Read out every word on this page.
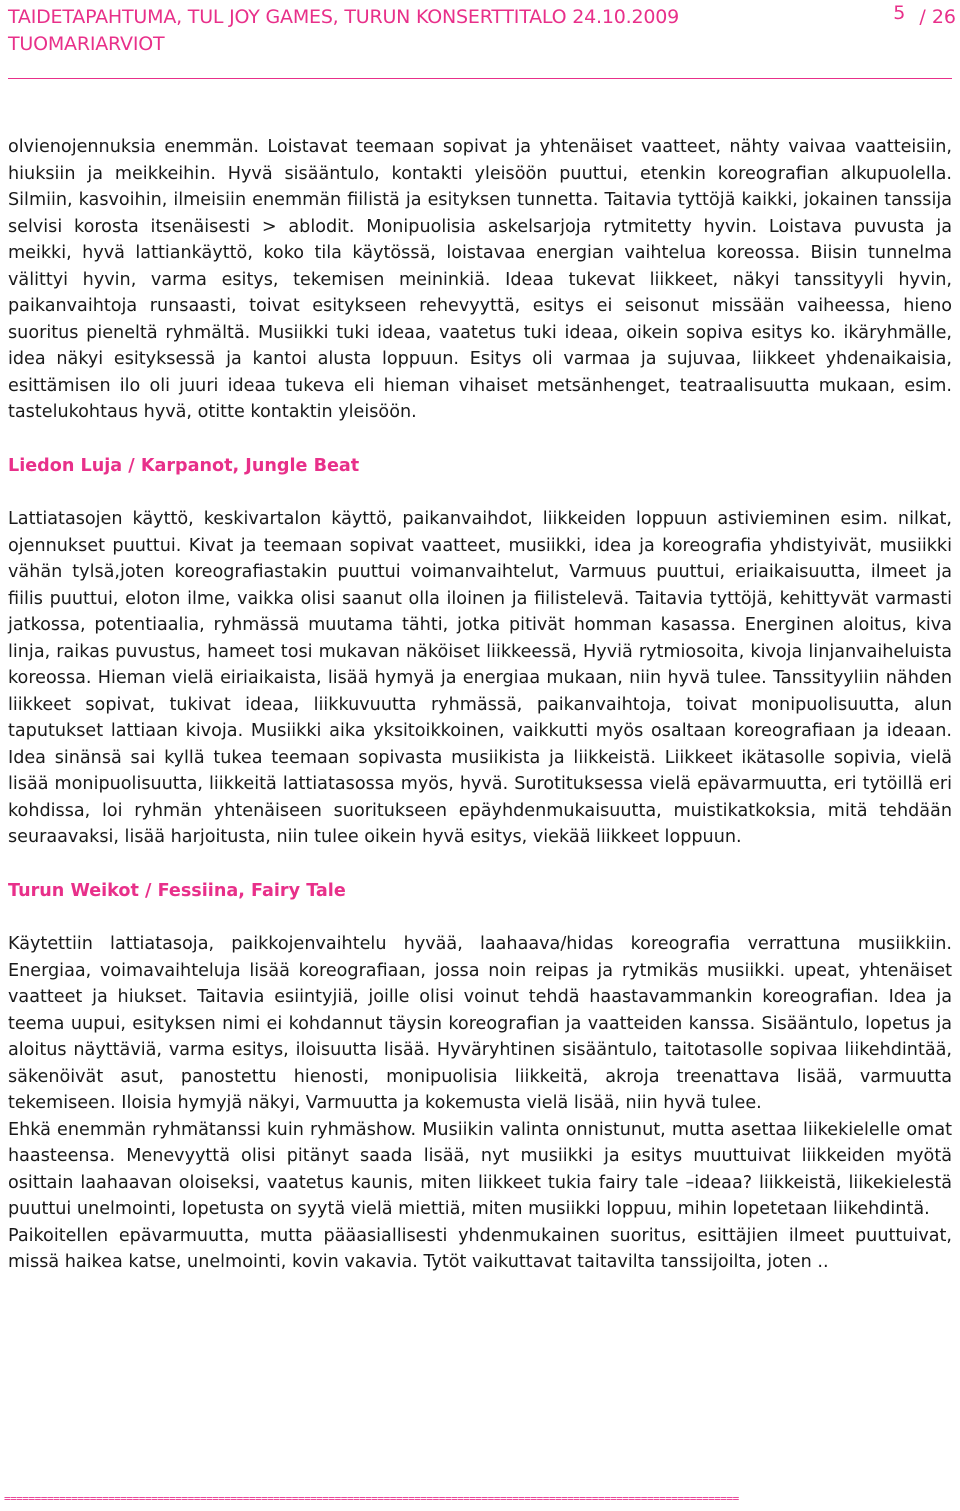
TAIDETAPAHTUMA, TUL JOY GAMES, TURUN KONSERTTITALO 24.10.2009
TUOMARIARVIOT
5 / 26

olvienojennuksia enemmän. Loistavat teemaan sopivat ja yhtenäiset vaatteet, nähty vaivaa vaatteisiin, hiuksiin ja meikkeihin. Hyvä sisääntulo, kontakti yleisöön puuttui, etenkin koreografian alkupuolella. Silmiin, kasvoihin, ilmeisiin enemmän fiilistä ja esityksen tunnetta. Taitavia tyttöjä kaikki, jokainen tanssija selvisi korosta itsenäisesti > ablodit. Monipuolisia askelsarjoja rytmitetty hyvin. Loistava puvusta ja meikki, hyvä lattiankäyttö, koko tila käytössä, loistavaa energian vaihtelua koreossa. Biisin tunnelma välittyi hyvin, varma esitys, tekemisen meininkiä. Ideaa tukevat liikkeet, näkyi tanssityyli hyvin, paikanvaihtoja runsaasti, toivat esitykseen rehevyyttä, esitys ei seisonut missään vaiheessa, hieno suoritus pieneltä ryhmältä. Musiikki tuki ideaa, vaatetus tuki ideaa, oikein sopiva esitys ko. ikäryhmälle, idea näkyi esityksessä ja kantoi alusta loppuun. Esitys oli varmaa ja sujuvaa, liikkeet yhdenaikaisia, esittämisen ilo oli juuri ideaa tukeva eli hieman vihaiset metsänhenget, teatraalisuutta mukaan, esim. tastelukohtaus hyvä, otitte kontaktin yleisöön.

Liedon Luja / Karpanot, Jungle Beat

Lattiatasojen käyttö, keskivartalon käyttö, paikanvaihdot, liikkeiden loppuun astivieminen esim. nilkat, ojennukset puuttui. Kivat ja teemaan sopivat vaatteet, musiikki, idea ja koreografia yhdistyivät, musiikki vähän tylsä,joten koreografiastakin puuttui voimanvaihtelut, Varmuus puuttui, eriaikaisuutta, ilmeet ja fiilis puuttui, eloton ilme, vaikka olisi saanut olla iloinen ja fiilistelevä. Taitavia tyttöjä, kehittyvät varmasti jatkossa, potentiaalia, ryhmässä muutama tähti, jotka pitivät homman kasassa. Energinen aloitus, kiva linja, raikas puvustus, hameet tosi mukavan näköiset liikkeessä, Hyviä rytmiosoita, kivoja linjanvaiheluista koreossa. Hieman vielä eiriaikaista, lisää hymyä ja energiaa mukaan, niin hyvä tulee. Tanssityyliin nähden liikkeet sopivat, tukivat ideaa, liikkuvuutta ryhmässä, paikanvaihtoja, toivat monipuolisuutta, alun taputukset lattiaan kivoja. Musiikki aika yksitoikkoinen, vaikkutti myös osaltaan koreografiaan ja ideaan. Idea sinänsä sai kyllä tukea teemaan sopivasta musiikista ja liikkeistä. Liikkeet ikätasolle sopivia, vielä lisää monipuolisuutta, liikkeitä lattiatasossa myös, hyvä. Surotituksessa vielä epävarmuutta, eri tytöillä eri kohdissa, loi ryhmän yhtenäiseen suoritukseen epäyhdenmukaisuutta, muistikatkoksia, mitä tehdään seuraavaksi, lisää harjoitusta, niin tulee oikein hyvä esitys, viekää liikkeet loppuun.

Turun Weikot / Fessiina, Fairy Tale

Käytettiin lattiatasoja, paikkojenvaihtelu hyvää, laahaava/hidas koreografia verrattuna musiikkiin. Energiaa, voimavaihteluja lisää koreografiaan, jossa noin reipas ja rytmikäs musiikki. upeat, yhtenäiset vaatteet ja hiukset. Taitavia esiintyjiä, joille olisi voinut tehdä haastavammankin koreografian. Idea ja teema uupui, esityksen nimi ei kohdannut täysin koreografian ja vaatteiden kanssa. Sisääntulo, lopetus ja aloitus näyttäviä, varma esitys, iloisuutta lisää. Hyväryhtinen sisääntulo, taitotasolle sopivaa liikehdintää, säkenöivät asut, panostettu hienosti, monipuolisia liikkeitä, akroja treenattava lisää, varmuutta tekemiseen. Iloisia hymyjä näkyi, Varmuutta ja kokemusta vielä lisää, niin hyvä tulee.

Ehkä enemmän ryhmätanssi kuin ryhmäshow. Musiikin valinta onnistunut, mutta asettaa liikekielelle omat haasteensa. Menevyyttä olisi pitänyt saada lisää, nyt musiikki ja esitys muuttuivat liikkeiden myötä osittain laahaavan oloiseksi, vaatetus kaunis, miten liikkeet tukia fairy tale –ideaa? liikkeistä, liikekielestä puuttui unelmointi, lopetusta on syytä vielä miettiä, miten musiikki loppuu, mihin lopetetaan liikehdintä.

Paikoitellen epävarmuutta, mutta pääasiallisesti yhdenmukainen suoritus, esittäjien ilmeet puuttuivat, missä haikea katse, unelmointi, kovin vakavia. Tytöt vaikuttavat taitavilta tanssijoilta, joten ..

========================================================================================================================
